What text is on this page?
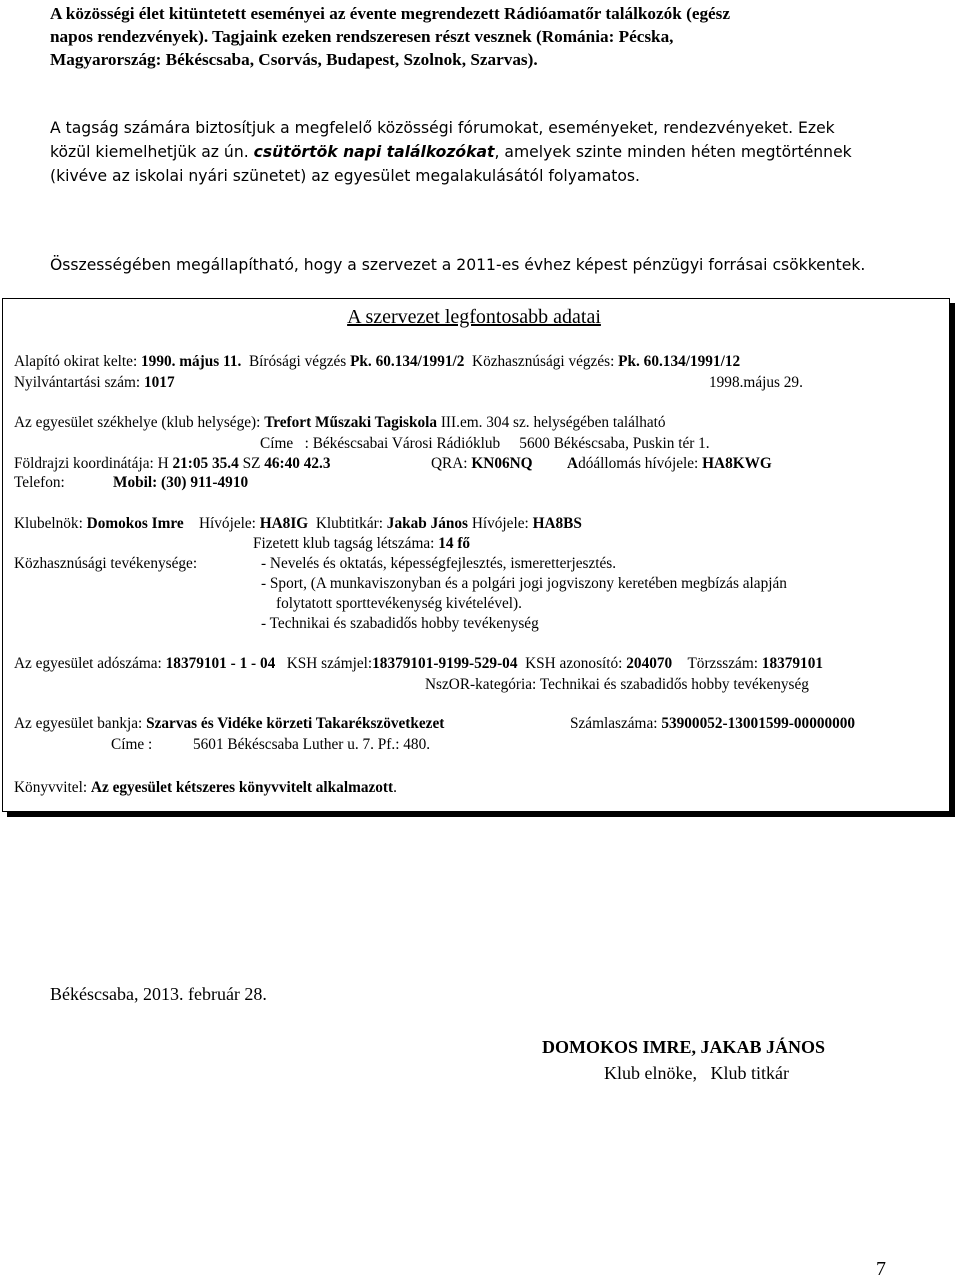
A közösségi élet kitüntetett eseményei az évente megrendezett Rádióamatőr találkozók (egész
napos rendezvények). Tagjaink ezeken rendszeresen részt vesznek (Románia: Pécska,
Magyarország: Békéscsaba, Csorvás, Budapest, Szolnok, Szarvas).
A tagság számára biztosítjuk a megfelelő közösségi fórumokat, eseményeket, rendezvényeket. Ezek
közül kiemelhetjük az ún. csütörtök napi találkozókat, amelyek szinte minden héten megtörténnek
(kivéve az iskolai nyári szünetet) az egyesület megalakulásától folyamatos.
Összességében megállapítható, hogy a szervezet a 2011-es évhez képest pénzügyi forrásai csökkentek.
A szervezet legfontosabb adatai
Alapító okirat kelte: 1990. május 11. Bírósági végzés Pk. 60.134/1991/2 Közhasznúsági végzés: Pk. 60.134/1991/12
Nyilvántartási szám: 1017	1998.május 29.
Az egyesület székhelye (klub helysége): Trefort Műszaki Tagiskola III.em. 304 sz. helységében található
Címe   : Békéscsabai Városi Rádióklub     5600 Békéscsaba, Puskin tér 1.
Földrajzi koordinátája: H 21:05 35.4 SZ 46:40 42.3	QRA: KN06NQ Adóállomás hívójele: HA8KWG
Telefon:	Mobil: (30) 911-4910
Klubelnök: Domokos Imre Hívójele: HA8IG Klubtitkár: Jakab János Hívójele: HA8BS
Fizetett klub tagság létszáma: 14 fő
Közhasznúsági tevékenysége:	- Nevelés és oktatás, képességfejlesztés, ismeretterjesztés.
- Sport, (A munkaviszonyban és a polgári jogi jogviszony keretében megbízás alapján
folytatott sporttevékenység kivételével).
- Technikai és szabadidős hobby tevékenység
Az egyesület adószáma: 18379101 - 1 - 04 KSH számjel:18379101-9199-529-04 KSH azonosító: 204070 Törzsszám: 18379101
NszOR-kategória: Technikai és szabadidős hobby tevékenység
Az egyesület bankja: Szarvas és Vidéke körzeti Takarékszövetkezet	Számlaszáma: 53900052-13001599-00000000
Címe :	5601 Békéscsaba Luther u. 7. Pf.: 480.
Könyvvitel: Az egyesület kétszeres könyvvitelt alkalmazott.
Békéscsaba, 2013. február 28.
DOMOKOS IMRE, JAKAB JÁNOS
Klub elnöke,   Klub titkár
7
